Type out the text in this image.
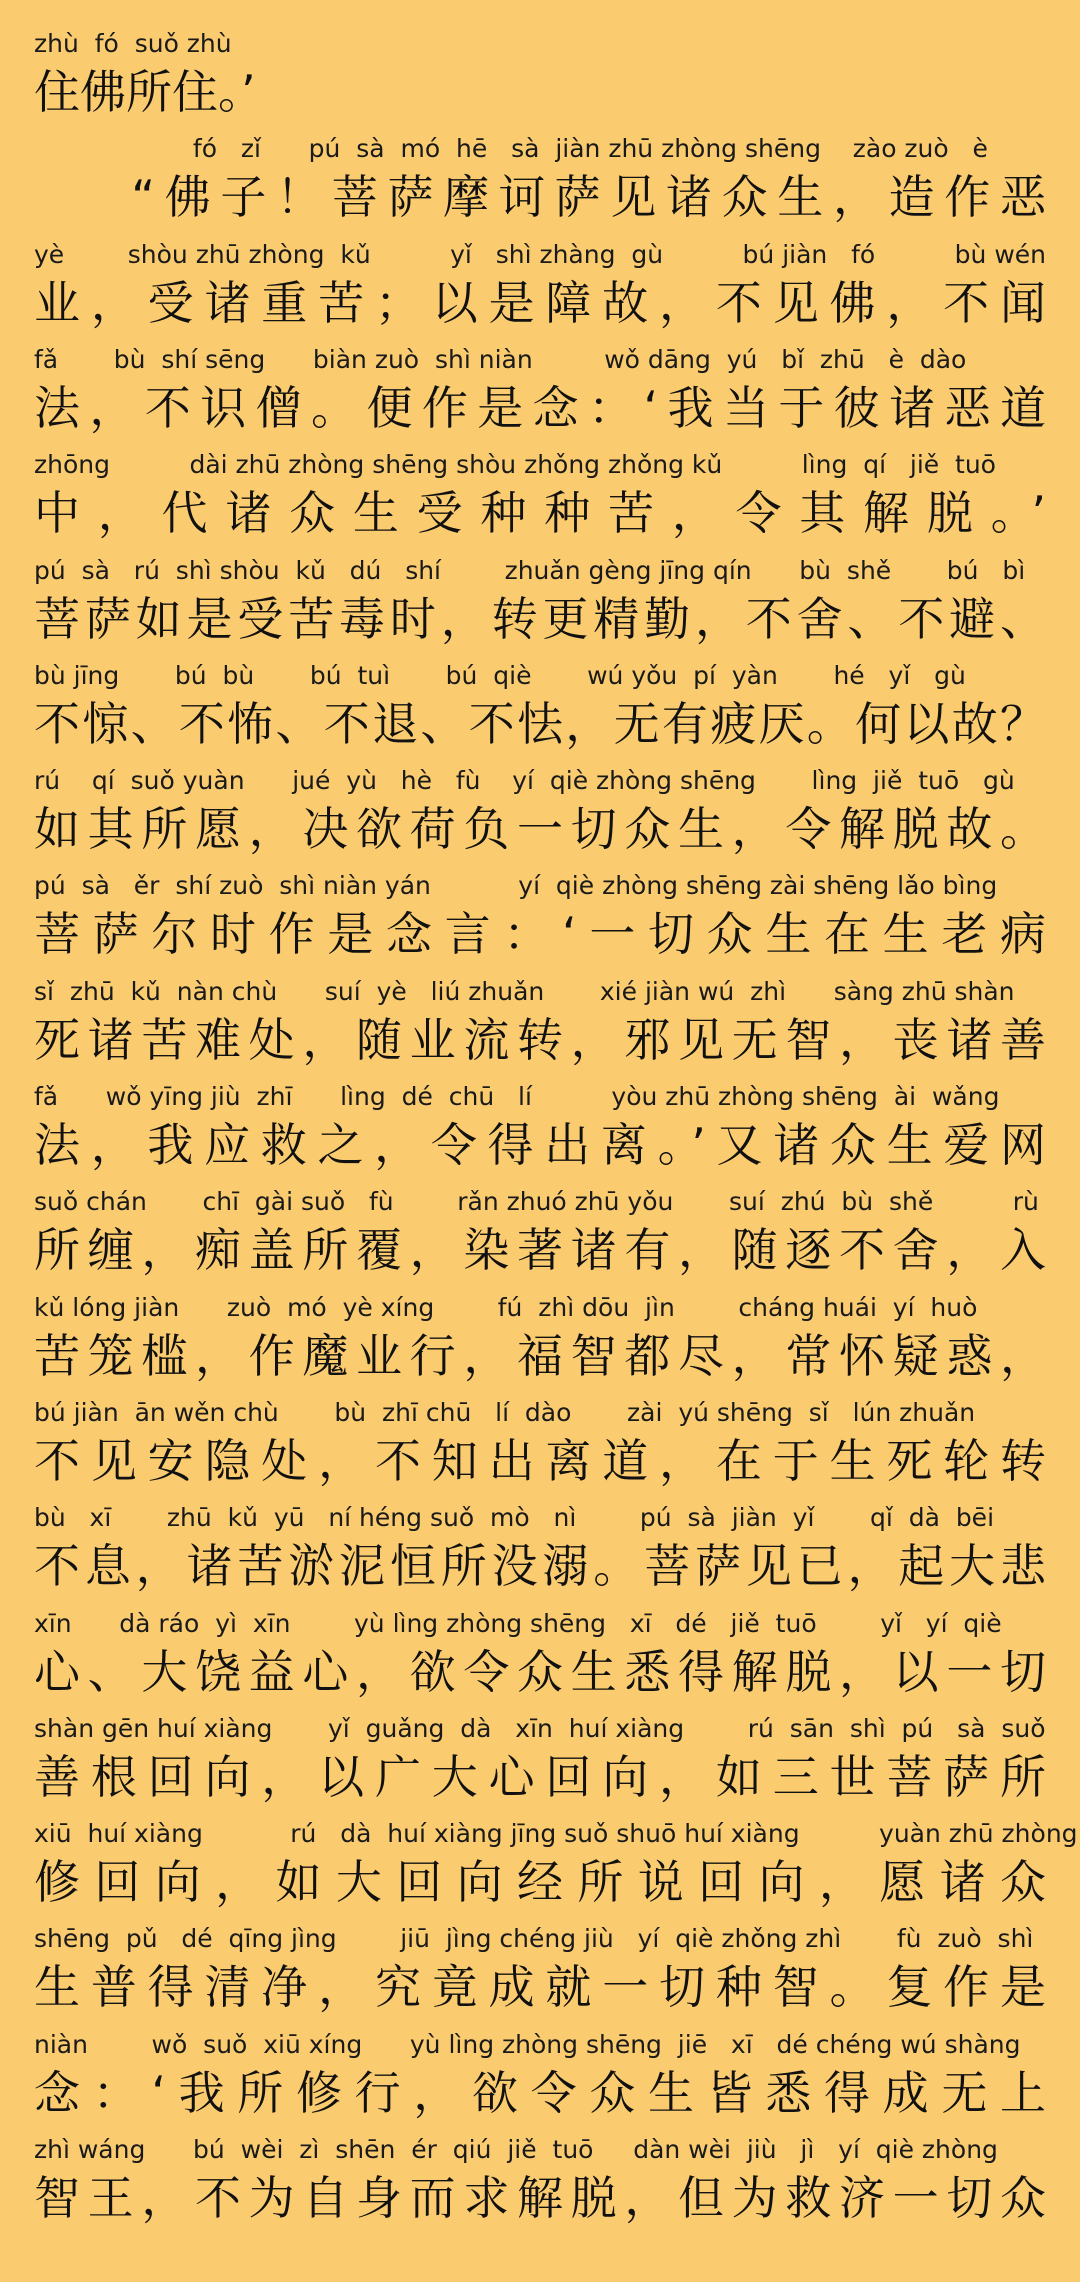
zhù  fó  suǒ zhù
住佛所住。’
fó   zǐ      pú  sà  mó  hē   sà  jiàn zhū zhòng shēng    zào zuò   è
“佛子！菩萨摩诃萨见诸众生，造作恶
yè        shòu zhū zhòng  kǔ          yǐ   shì zhàng  gù          bú jiàn   fó          bù wén
业，受诸重苦；以是障故，不见佛，不闻
fǎ       bù  shí sēng      biàn zuò  shì niàn         wǒ dāng  yú   bǐ  zhū   è  dào
法，不识僧。便作是念：‘我当于彼诸恶道
zhōng          dài zhū zhòng shēng shòu zhǒng zhǒng kǔ          lìng  qí   jiě  tuō
中，代诸众生受种种苦，令其解脱。’
pú  sà   rú  shì shòu  kǔ   dú   shí        zhuǎn gèng jīng qín      bù  shě       bú   bì
菩萨如是受苦毒时，转更精勤，不舍、不避、
bù jīng       bú  bù       bú  tuì       bú  qiè       wú yǒu  pí  yàn       hé   yǐ   gù
不惊、不怖、不退、不怯，无有疲厌。何以故？
rú    qí  suǒ yuàn      jué  yù   hè   fù    yí  qiè zhòng shēng       lìng  jiě  tuō   gù
如其所愿，决欲荷负一切众生，令解脱故。
pú  sà   ěr  shí zuò  shì niàn yán           yí  qiè zhòng shēng zài shēng lǎo bìng
菩萨尔时作是念言：‘一切众生在生老病
sǐ  zhū  kǔ  nàn chù      suí  yè   liú zhuǎn       xié jiàn wú  zhì      sàng zhū shàn
死诸苦难处，随业流转，邪见无智，丧诸善
fǎ      wǒ yīng jiù  zhī      lìng  dé  chū   lí          yòu zhū zhòng shēng  ài  wǎng
法，我应救之，令得出离。’又诸众生爱网
suǒ chán       chī  gài suǒ   fù        rǎn zhuó zhū yǒu       suí  zhú  bù  shě          rù
所缠，痴盖所覆，染著诸有，随逐不舍，入
kǔ lóng jiàn      zuò  mó  yè xíng        fú  zhì dōu  jìn        cháng huái  yí  huò
苦笼槛，作魔业行，福智都尽，常怀疑惑，
bú jiàn  ān wěn chù       bù  zhī chū   lí  dào       zài  yú shēng  sǐ   lún zhuǎn
不见安隐处，不知出离道，在于生死轮转
bù   xī       zhū  kǔ  yū   ní héng suǒ  mò   nì        pú  sà  jiàn  yǐ       qǐ  dà  bēi
不息，诸苦淤泥恒所没溺。菩萨见已，起大悲
xīn      dà ráo  yì  xīn        yù lìng zhòng shēng   xī   dé   jiě  tuō        yǐ   yí  qiè
心、大饶益心，欲令众生悉得解脱，以一切
shàn gēn huí xiàng       yǐ  guǎng  dà   xīn  huí xiàng        rú  sān  shì  pú   sà  suǒ
善根回向，以广大心回向，如三世菩萨所
xiū  huí xiàng           rú   dà  huí xiàng jīng suǒ shuō huí xiàng          yuàn zhū zhòng
修回向，如大回向经所说回向，愿诸众
shēng  pǔ   dé  qīng jìng        jiū  jìng chéng jiù   yí  qiè zhǒng zhì       fù  zuò  shì
生普得清净，究竟成就一切种智。复作是
niàn        wǒ  suǒ  xiū xíng      yù lìng zhòng shēng  jiē   xī   dé chéng wú shàng
念：‘我所修行，欲令众生皆悉得成无上
zhì wáng      bú  wèi  zì  shēn  ér  qiú  jiě  tuō     dàn wèi  jiù   jì   yí  qiè zhòng
智王，不为自身而求解脱，但为救济一切众
